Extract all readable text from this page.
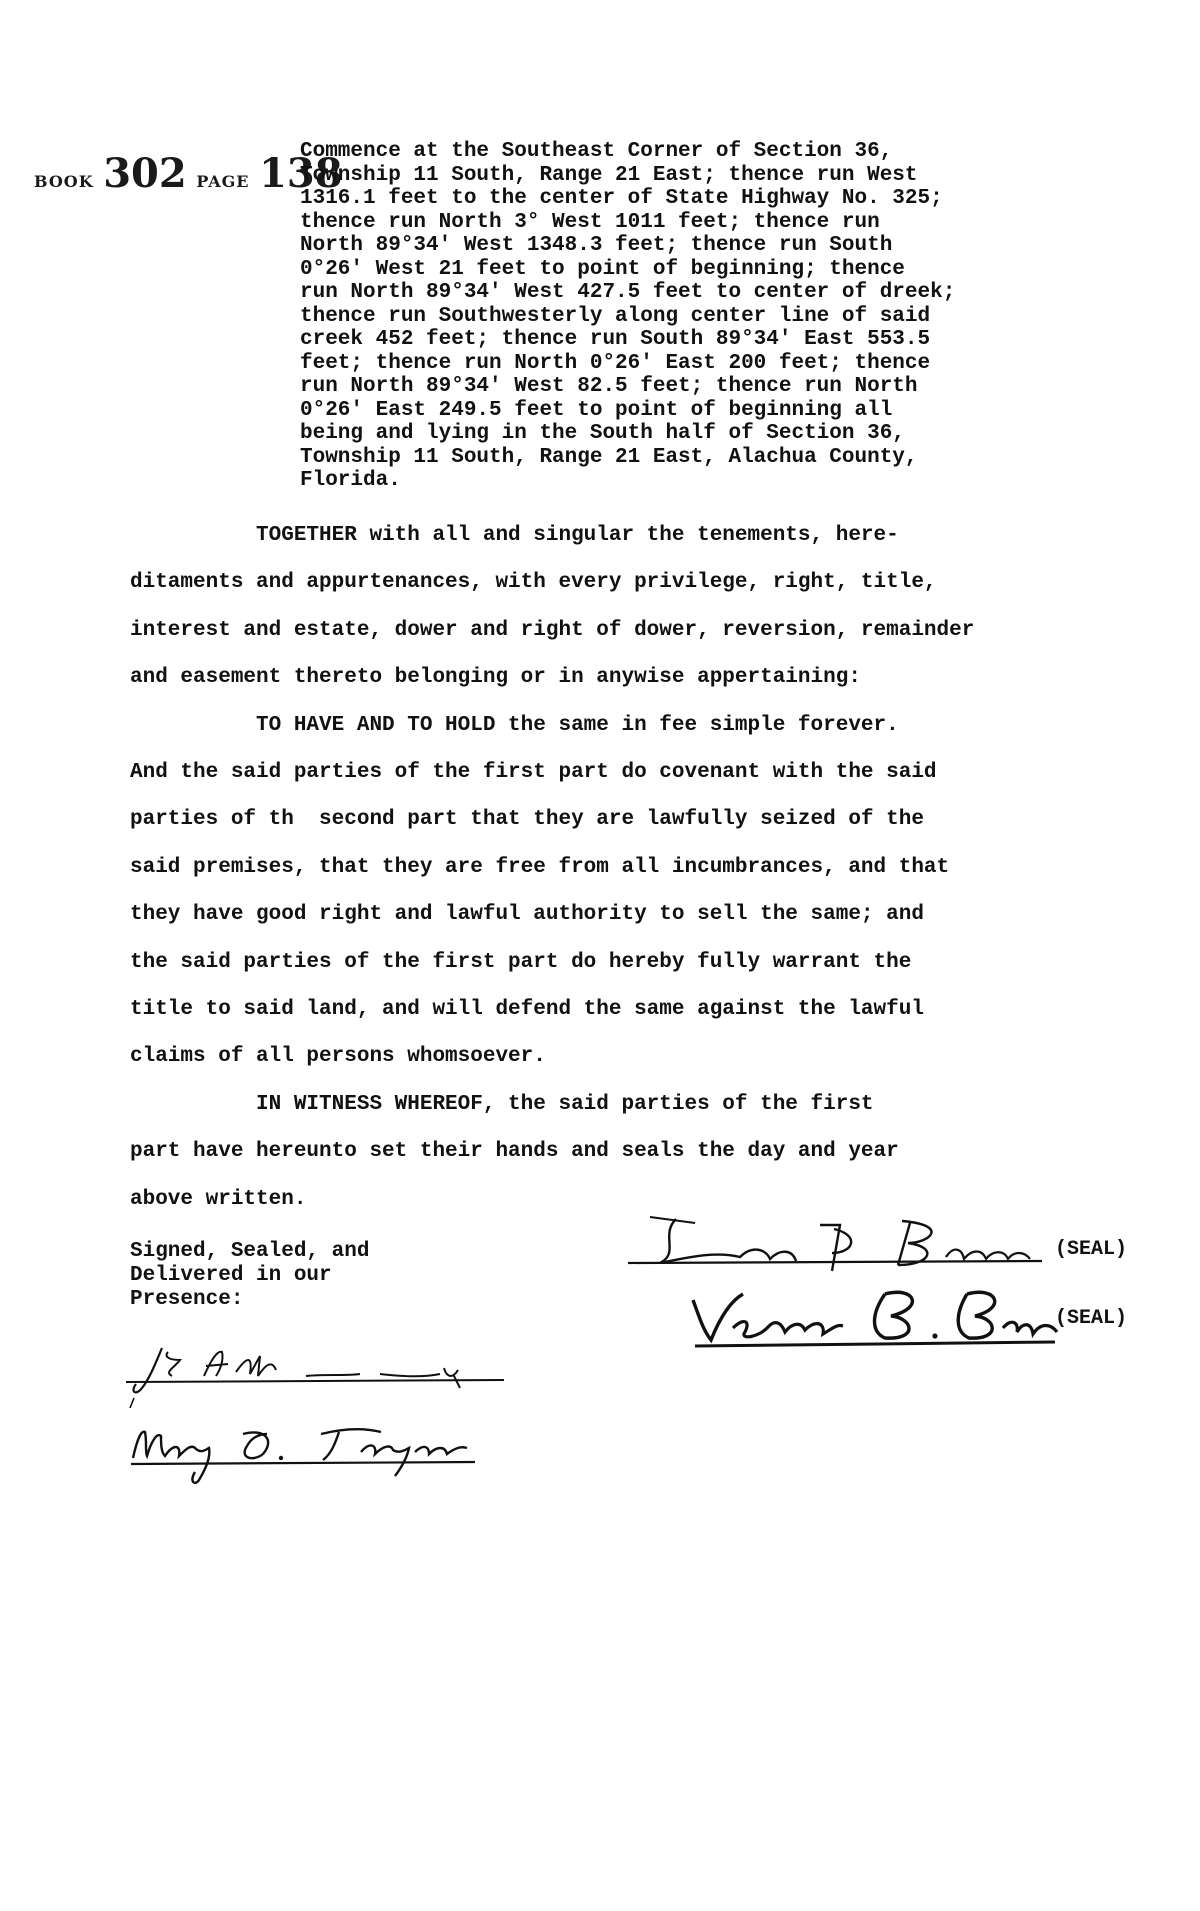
BOOK 302 PAGE 138
Commence at the Southeast Corner of Section 36,
Township 11 South, Range 21 East; thence run West
1316.1 feet to the center of State Highway No. 325;
thence run North 3° West 1011 feet; thence run
North 89°34' West 1348.3 feet; thence run South
0°26' West 21 feet to point of beginning; thence
run North 89°34' West 427.5 feet to center of dreek;
thence run Southwesterly along center line of said
creek 452 feet; thence run South 89°34' East 553.5
feet; thence run North 0°26' East 200 feet; thence
run North 89°34' West 82.5 feet; thence run North
0°26' East 249.5 feet to point of beginning all
being and lying in the South half of Section 36,
Township 11 South, Range 21 East, Alachua County,
Florida.
TOGETHER with all and singular the tenements, here-
ditaments and appurtenances, with every privilege, right, title,
interest and estate, dower and right of dower, reversion, remainder
and easement thereto belonging or in anywise appertaining:
TO HAVE AND TO HOLD the same in fee simple forever.
And the said parties of the first part do covenant with the said
parties of th  second part that they are lawfully seized of the
said premises, that they are free from all incumbrances, and that
they have good right and lawful authority to sell the same; and
the said parties of the first part do hereby fully warrant the
title to said land, and will defend the same against the lawful
claims of all persons whomsoever.
IN WITNESS WHEREOF, the said parties of the first
part have hereunto set their hands and seals the day and year
above written.
Signed, Sealed, and
Delivered in our
Presence:
(SEAL)
(SEAL)
